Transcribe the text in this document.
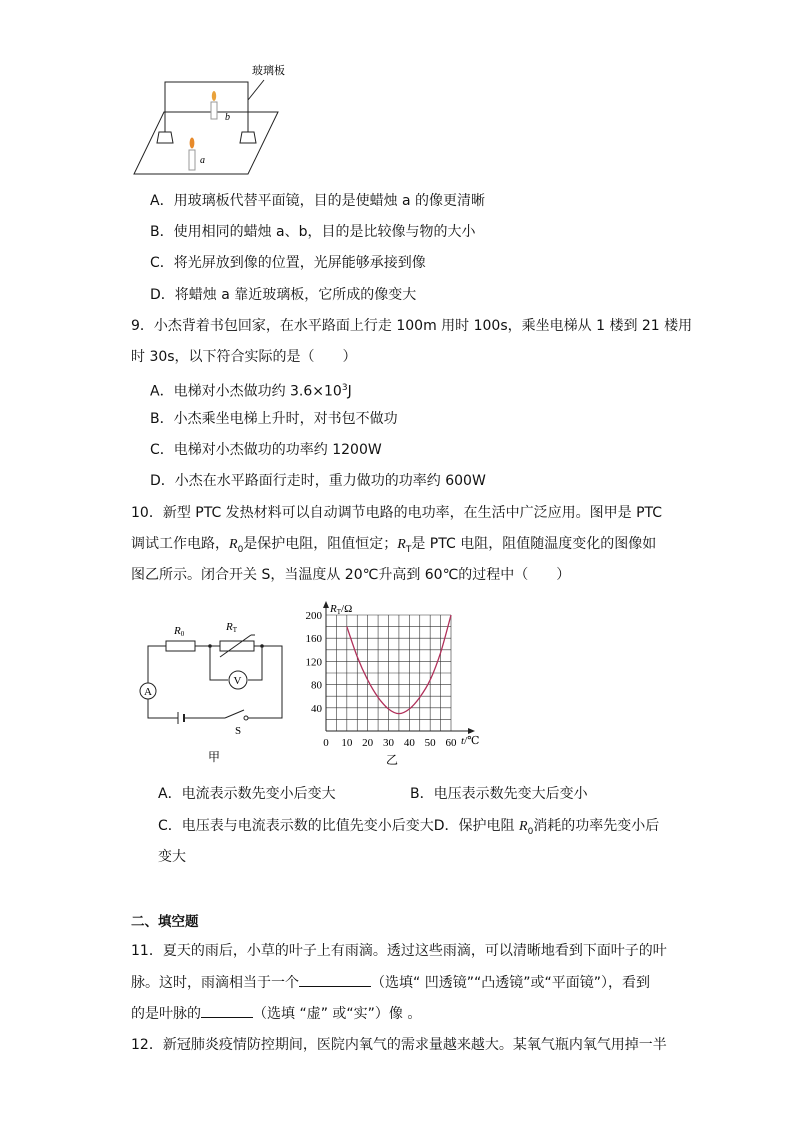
玻璃板
b
a
A．用玻璃板代替平面镜，目的是使蜡烛 a 的像更清晰
B．使用相同的蜡烛 a、b，目的是比较像与物的大小
C．将光屏放到像的位置，光屏能够承接到像
D．将蜡烛 a 靠近玻璃板，它所成的像变大
9．小杰背着书包回家，在水平路面上行走 100m 用时 100s，乘坐电梯从 1 楼到 21 楼用
时 30s，以下符合实际的是（　　）
A．电梯对小杰做功约 $3.6\times 10^3J$
B．小杰乘坐电梯上升时，对书包不做功
C．电梯对小杰做功的功率约 1200W
D．小杰在水平路面行走时，重力做功的功率约 600W
10．新型 PTC 发热材料可以自动调节电路的电功率，在生活中广泛应用。图甲是 PTC
调试工作电路，$R_0$是保护电阻，阻值恒定；$R_T$是 PTC 电阻，阻值随温度变化的图像如
图乙所示。闭合开关 S，当温度从 20℃升高到 60℃的过程中（　　）
R0
RT
A
V
S
甲
0 10 20 30 40 50 60
40
80
120
160
200
RT/Ω
t/℃
乙
A．电流表示数先变小后变大	B．电压表示数先变大后变小
C．电压表与电流表示数的比值先变小后变大D．保护电阻 $R_0$消耗的功率先变小后
变大
二、填空题
11．夏天的雨后，小草的叶子上有雨滴。透过这些雨滴，可以清晰地看到下面叶子的叶
脉。这时，雨滴相当于一个	（选填“ 凹透镜”“凸透镜”或“平面镜”），看到
的是叶脉的	（选填 “虚” 或“实”）像 。
12．新冠肺炎疫情防控期间，医院内氧气的需求量越来越大。某氧气瓶内氧气用掉一半
